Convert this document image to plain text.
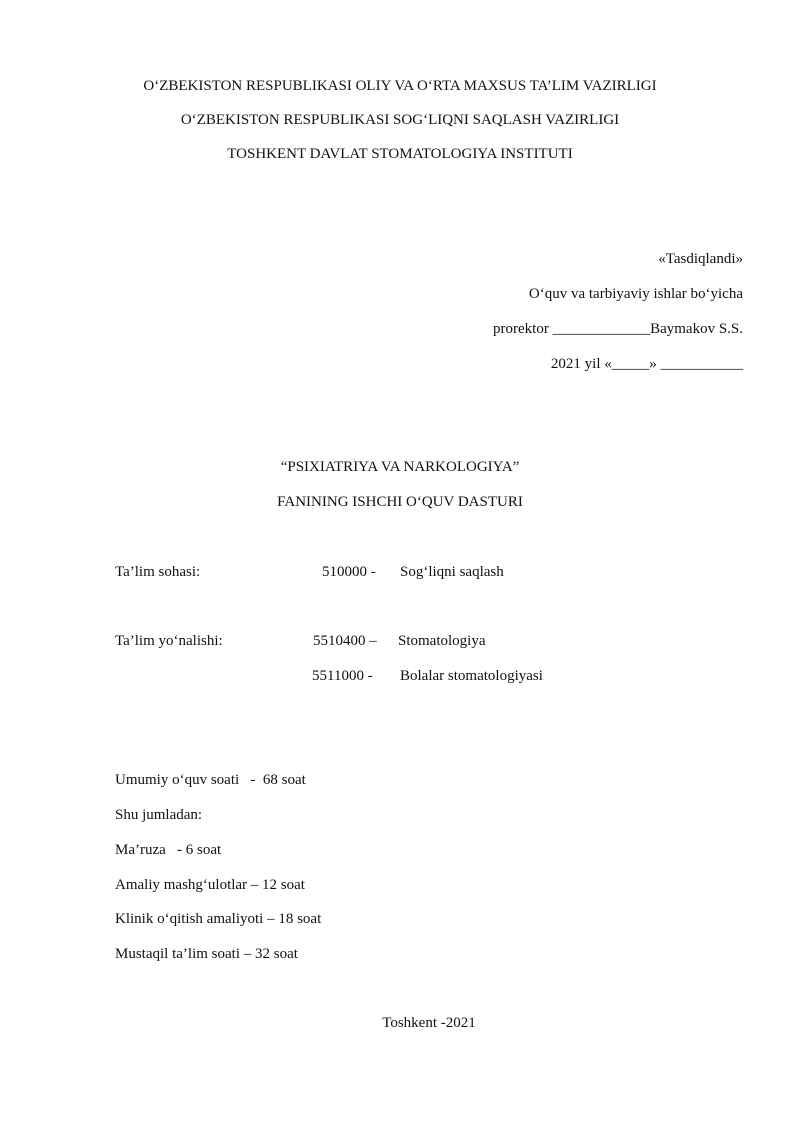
O‘ZBEKISTON RESPUBLIKASI OLIY VA O‘RTA MAXSUS TA’LIM VAZIRLIGI
O‘ZBEKISTON RESPUBLIKASI SOG‘LIQNI SAQLASH VAZIRLIGI
TOSHKENT DAVLAT STOMATOLOGIYA INSTITUTI
«Tasdiqlandi»
O‘quv va tarbiyaviy ishlar bo‘yicha
prorektor _____________Baymakov S.S.
2021 yil «_____» ___________
“PSIXIATRIYA VA NARKOLOGIYA”
FANINING ISHCHI O‘QUV DASTURI
Ta’lim sohasi:	510000 - Sog‘liqni saqlash
Ta’lim yo‘nalishi:	5510400 – Stomatologiya
5511000 - Bolalar stomatologiyasi
Umumiy o‘quv soati   -  68 soat
Shu jumladan:
Ma’ruza   - 6 soat
Amaliy mashg‘ulotlar – 12 soat
Klinik o‘qitish amaliyoti – 18 soat
Mustaqil ta’lim soati – 32 soat
Toshkent -2021
